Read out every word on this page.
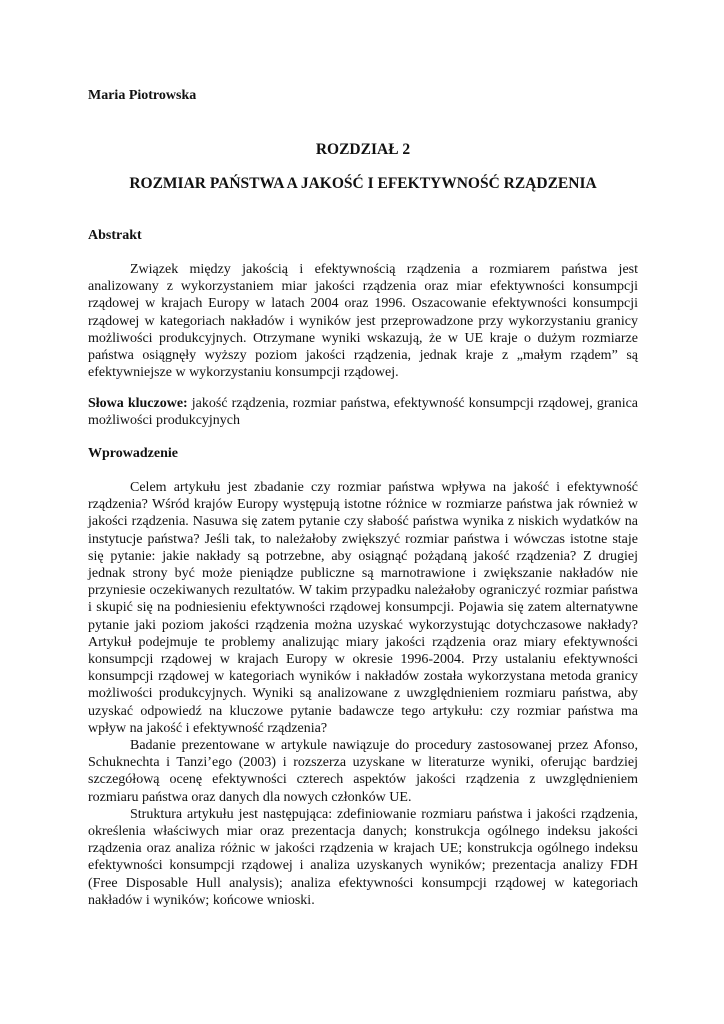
Maria Piotrowska
ROZDZIAŁ 2
ROZMIAR PAŃSTWA A JAKOŚĆ I EFEKTYWNOŚĆ RZĄDZENIA
Abstrakt

Związek między jakością i efektywnością rządzenia a rozmiarem państwa jest analizowany z wykorzystaniem miar jakości rządzenia oraz miar efektywności konsumpcji rządowej w krajach Europy w latach 2004 oraz 1996. Oszacowanie efektywności konsumpcji rządowej w kategoriach nakładów i wyników jest przeprowadzone przy wykorzystaniu granicy możliwości produkcyjnych. Otrzymane wyniki wskazują, że w UE kraje o dużym rozmiarze państwa osiągnęły wyższy poziom jakości rządzenia, jednak kraje z „małym rządem” są efektywniejsze w wykorzystaniu konsumpcji rządowej.

Słowa kluczowe: jakość rządzenia, rozmiar państwa, efektywność konsumpcji rządowej, granica możliwości produkcyjnych

Wprowadzenie

Celem artykułu jest zbadanie czy rozmiar państwa wpływa na jakość i efektywność rządzenia? Wśród krajów Europy występują istotne różnice w rozmiarze państwa jak również w jakości rządzenia. Nasuwa się zatem pytanie czy słabość państwa wynika z niskich wydatków na instytucje państwa? Jeśli tak, to należałoby zwiększyć rozmiar państwa i wówczas istotne staje się pytanie: jakie nakłady są potrzebne, aby osiągnąć pożądaną jakość rządzenia? Z drugiej jednak strony być może pieniądze publiczne są marnotrawione i zwiększanie nakładów nie przyniesie oczekiwanych rezultatów. W takim przypadku należałoby ograniczyć rozmiar państwa i skupić się na podniesieniu efektywności rządowej konsumpcji. Pojawia się zatem alternatywne pytanie jaki poziom jakości rządzenia można uzyskać wykorzystując dotychczasowe nakłady? Artykuł podejmuje te problemy analizując miary jakości rządzenia oraz miary efektywności konsumpcji rządowej w krajach Europy w okresie 1996-2004. Przy ustalaniu efektywności konsumpcji rządowej w kategoriach wyników i nakładów została wykorzystana metoda granicy możliwości produkcyjnych. Wyniki są analizowane z uwzględnieniem rozmiaru państwa, aby uzyskać odpowiedź na kluczowe pytanie badawcze tego artykułu: czy rozmiar państwa ma wpływ na jakość i efektywność rządzenia?

Badanie prezentowane w artykule nawiązuje do procedury zastosowanej przez Afonso, Schuknechta i Tanzi’ego (2003) i rozszerza uzyskane w literaturze wyniki, oferując bardziej szczegółową ocenę efektywności czterech aspektów jakości rządzenia z uwzględnieniem rozmiaru państwa oraz danych dla nowych członków UE.

Struktura artykułu jest następująca: zdefiniowanie rozmiaru państwa i jakości rządzenia, określenia właściwych miar oraz prezentacja danych; konstrukcja ogólnego indeksu jakości rządzenia oraz analiza różnic w jakości rządzenia w krajach UE; konstrukcja ogólnego indeksu efektywności konsumpcji rządowej i analiza uzyskanych wyników; prezentacja analizy FDH (Free Disposable Hull analysis); analiza efektywności konsumpcji rządowej w kategoriach nakładów i wyników; końcowe wnioski.
